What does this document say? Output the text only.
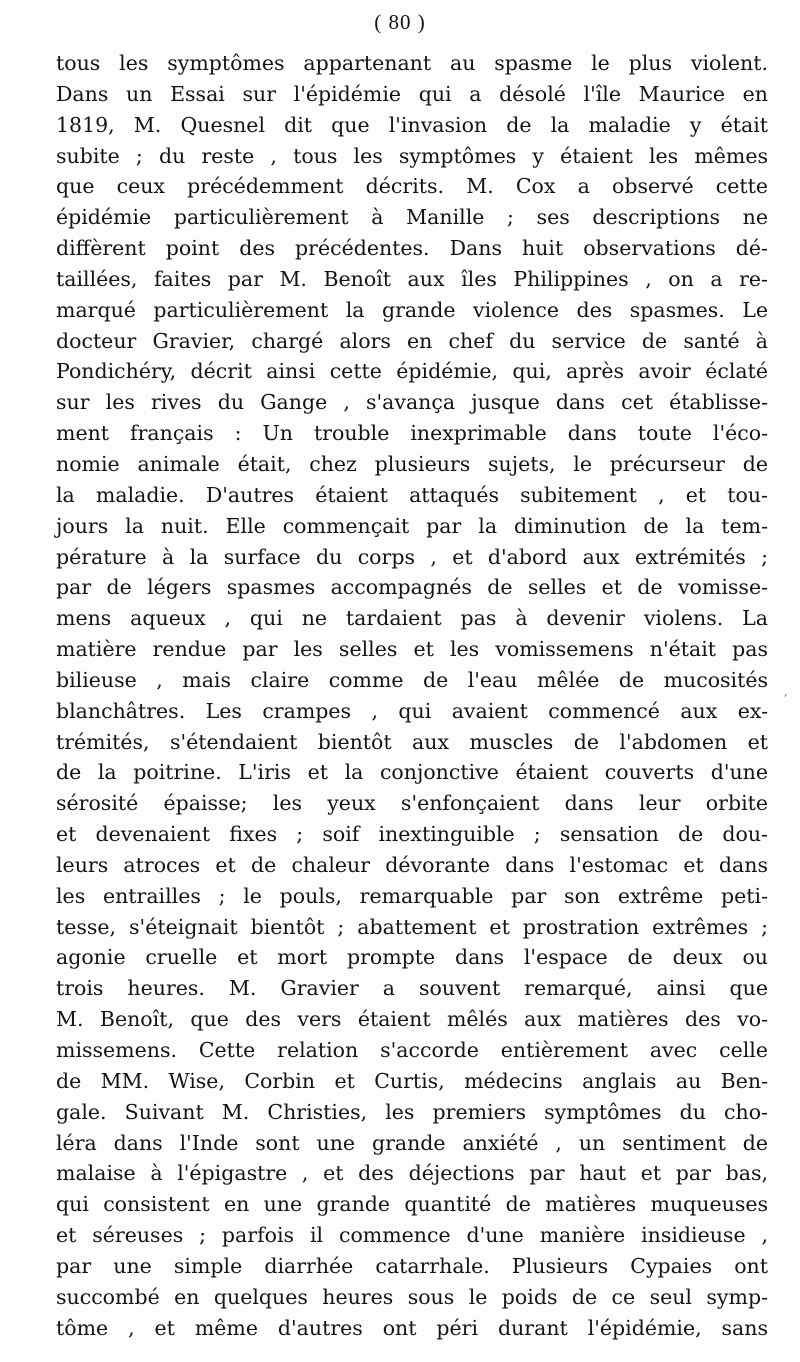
( 80 )
tous les symptômes appartenant au spasme le plus violent.
Dans un Essai sur l'épidémie qui a désolé l'île Maurice en
1819, M. Quesnel dit que l'invasion de la maladie y était
subite ; du reste , tous les symptômes y étaient les mêmes
que ceux précédemment décrits. M. Cox a observé cette
épidémie particulièrement à Manille ; ses descriptions ne
diffèrent point des précédentes. Dans huit observations dé-
taillées, faites par M. Benoît aux îles Philippines , on a re-
marqué particulièrement la grande violence des spasmes. Le
docteur Gravier, chargé alors en chef du service de santé à
Pondichéry, décrit ainsi cette épidémie, qui, après avoir éclaté
sur les rives du Gange , s'avança jusque dans cet établisse-
ment français : Un trouble inexprimable dans toute l'éco-
nomie animale était, chez plusieurs sujets, le précurseur de
la maladie. D'autres étaient attaqués subitement , et tou-
jours la nuit. Elle commençait par la diminution de la tem-
pérature à la surface du corps , et d'abord aux extrémités ;
par de légers spasmes accompagnés de selles et de vomisse-
mens aqueux , qui ne tardaient pas à devenir violens. La
matière rendue par les selles et les vomissemens n'était pas
bilieuse , mais claire comme de l'eau mêlée de mucosités
blanchâtres. Les crampes , qui avaient commencé aux ex-
trémités, s'étendaient bientôt aux muscles de l'abdomen et
de la poitrine. L'iris et la conjonctive étaient couverts d'une
sérosité épaisse; les yeux s'enfonçaient dans leur orbite
et devenaient fixes ; soif inextinguible ; sensation de dou-
leurs atroces et de chaleur dévorante dans l'estomac et dans
les entrailles ; le pouls, remarquable par son extrême peti-
tesse, s'éteignait bientôt ; abattement et prostration extrêmes ;
agonie cruelle et mort prompte dans l'espace de deux ou
trois heures. M. Gravier a souvent remarqué, ainsi que
M. Benoît, que des vers étaient mêlés aux matières des vo-
missemens. Cette relation s'accorde entièrement avec celle
de MM. Wise, Corbin et Curtis, médecins anglais au Ben-
gale. Suivant M. Christies, les premiers symptômes du cho-
léra dans l'Inde sont une grande anxiété , un sentiment de
malaise à l'épigastre , et des déjections par haut et par bas,
qui consistent en une grande quantité de matières muqueuses
et séreuses ; parfois il commence d'une manière insidieuse ,
par une simple diarrhée catarrhale. Plusieurs Cypaies ont
succombé en quelques heures sous le poids de ce seul symp-
tôme , et même d'autres ont péri durant l'épidémie, sans
ˊ
